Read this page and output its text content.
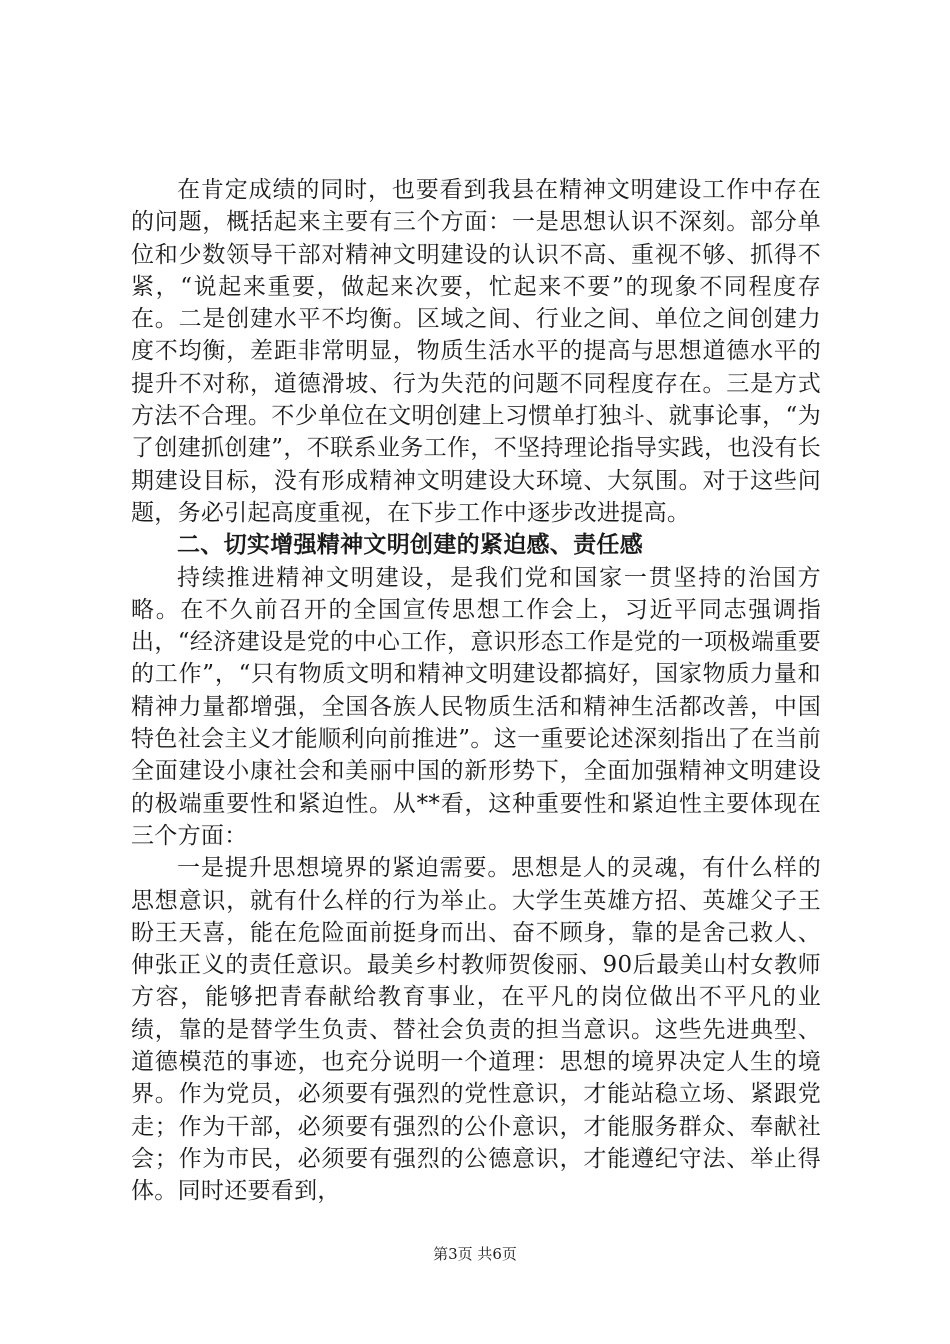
在肯定成绩的同时，也要看到我县在精神文明建设工作中存在的问题，概括起来主要有三个方面：一是思想认识不深刻。部分单位和少数领导干部对精神文明建设的认识不高、重视不够、抓得不紧，“说起来重要，做起来次要，忙起来不要”的现象不同程度存在。二是创建水平不均衡。区域之间、行业之间、单位之间创建力度不均衡，差距非常明显，物质生活水平的提高与思想道德水平的提升不对称，道德滑坡、行为失范的问题不同程度存在。三是方式方法不合理。不少单位在文明创建上习惯单打独斗、就事论事，“为了创建抓创建”，不联系业务工作，不坚持理论指导实践，也没有长期建设目标，没有形成精神文明建设大环境、大氛围。对于这些问题，务必引起高度重视，在下步工作中逐步改进提高。

二、切实增强精神文明创建的紧迫感、责任感

持续推进精神文明建设，是我们党和国家一贯坚持的治国方略。在不久前召开的全国宣传思想工作会上，习近平同志强调指出，“经济建设是党的中心工作，意识形态工作是党的一项极端重要的工作”，“只有物质文明和精神文明建设都搞好，国家物质力量和精神力量都增强，全国各族人民物质生活和精神生活都改善，中国特色社会主义才能顺利向前推进”。这一重要论述深刻指出了在当前全面建设小康社会和美丽中国的新形势下，全面加强精神文明建设的极端重要性和紧迫性。从**看，这种重要性和紧迫性主要体现在三个方面：

一是提升思想境界的紧迫需要。思想是人的灵魂，有什么样的思想意识，就有什么样的行为举止。大学生英雄方招、英雄父子王盼王天喜，能在危险面前挺身而出、奋不顾身，靠的是舍己救人、伸张正义的责任意识。最美乡村教师贺俊丽、90后最美山村女教师方容，能够把青春献给教育事业，在平凡的岗位做出不平凡的业绩，靠的是替学生负责、替社会负责的担当意识。这些先进典型、道德模范的事迹，也充分说明一个道理：思想的境界决定人生的境界。作为党员，必须要有强烈的党性意识，才能站稳立场、紧跟党走；作为干部，必须要有强烈的公仆意识，才能服务群众、奉献社会；作为市民，必须要有强烈的公德意识，才能遵纪守法、举止得体。同时还要看到，

第3页 共6页
